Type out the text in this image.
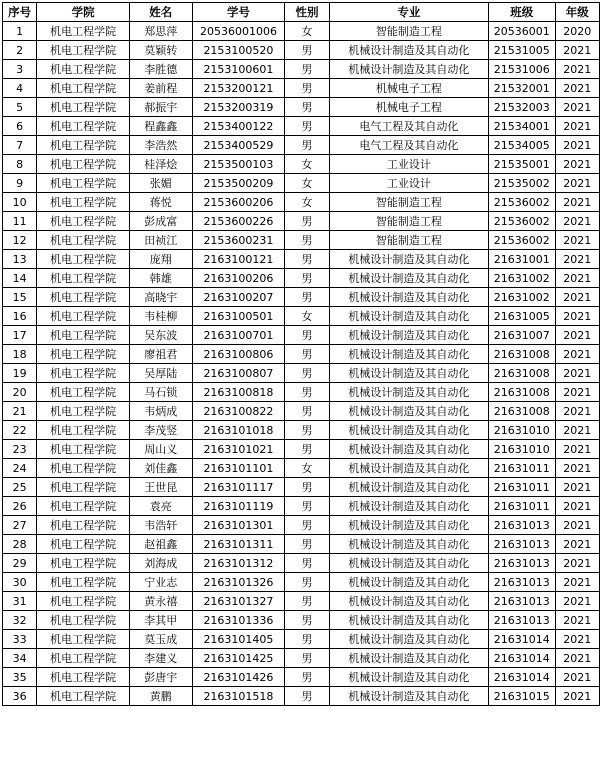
序号	学院	姓名	学号	性别	专业	班级	年级
1	机电工程学院	郑思萍	20536001006	女	智能制造工程	20536001	2020
2	机电工程学院	莫颖转	2153100520	男	机械设计制造及其自动化	21531005	2021
3	机电工程学院	李胜德	2153100601	男	机械设计制造及其自动化	21531006	2021
4	机电工程学院	姜前程	2153200121	男	机械电子工程	21532001	2021
5	机电工程学院	郝振宇	2153200319	男	机械电子工程	21532003	2021
6	机电工程学院	程鑫鑫	2153400122	男	电气工程及其自动化	21534001	2021
7	机电工程学院	李浩然	2153400529	男	电气工程及其自动化	21534005	2021
8	机电工程学院	桂泽烩	2153500103	女	工业设计	21535001	2021
9	机电工程学院	张媚	2153500209	女	工业设计	21535002	2021
10	机电工程学院	蒋悦	2153600206	女	智能制造工程	21536002	2021
11	机电工程学院	彭成富	2153600226	男	智能制造工程	21536002	2021
12	机电工程学院	田祯江	2153600231	男	智能制造工程	21536002	2021
13	机电工程学院	庞翔	2163100121	男	机械设计制造及其自动化	21631001	2021
14	机电工程学院	韩雄	2163100206	男	机械设计制造及其自动化	21631002	2021
15	机电工程学院	高晓宇	2163100207	男	机械设计制造及其自动化	21631002	2021
16	机电工程学院	韦桂柳	2163100501	女	机械设计制造及其自动化	21631005	2021
17	机电工程学院	吴东波	2163100701	男	机械设计制造及其自动化	21631007	2021
18	机电工程学院	廖祖君	2163100806	男	机械设计制造及其自动化	21631008	2021
19	机电工程学院	吴厚陆	2163100807	男	机械设计制造及其自动化	21631008	2021
20	机电工程学院	马石锁	2163100818	男	机械设计制造及其自动化	21631008	2021
21	机电工程学院	韦炳成	2163100822	男	机械设计制造及其自动化	21631008	2021
22	机电工程学院	李茂竖	2163101018	男	机械设计制造及其自动化	21631010	2021
23	机电工程学院	周山义	2163101021	男	机械设计制造及其自动化	21631010	2021
24	机电工程学院	刘佳鑫	2163101101	女	机械设计制造及其自动化	21631011	2021
25	机电工程学院	王世昆	2163101117	男	机械设计制造及其自动化	21631011	2021
26	机电工程学院	袁亮	2163101119	男	机械设计制造及其自动化	21631011	2021
27	机电工程学院	韦浩轩	2163101301	男	机械设计制造及其自动化	21631013	2021
28	机电工程学院	赵祖鑫	2163101311	男	机械设计制造及其自动化	21631013	2021
29	机电工程学院	刘海成	2163101312	男	机械设计制造及其自动化	21631013	2021
30	机电工程学院	宁业志	2163101326	男	机械设计制造及其自动化	21631013	2021
31	机电工程学院	黄永禧	2163101327	男	机械设计制造及其自动化	21631013	2021
32	机电工程学院	李其甲	2163101336	男	机械设计制造及其自动化	21631013	2021
33	机电工程学院	莫玉成	2163101405	男	机械设计制造及其自动化	21631014	2021
34	机电工程学院	李建义	2163101425	男	机械设计制造及其自动化	21631014	2021
35	机电工程学院	彭唐宇	2163101426	男	机械设计制造及其自动化	21631014	2021
36	机电工程学院	黄鹏	2163101518	男	机械设计制造及其自动化	21631015	2021
